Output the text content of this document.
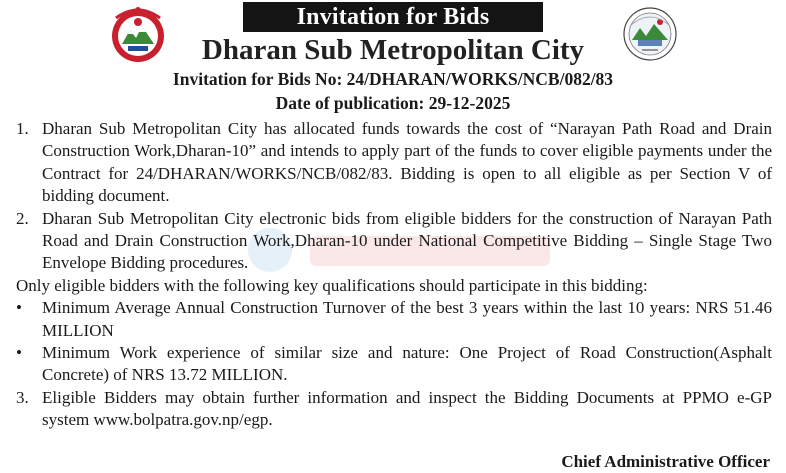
Invitation for Bids
Dharan Sub Metropolitan City
Invitation for Bids No: 24/DHARAN/WORKS/NCB/082/83
Date of publication: 29-12-2025
1. Dharan Sub Metropolitan City has allocated funds towards the cost of “Narayan Path Road and Drain Construction Work,Dharan-10” and intends to apply part of the funds to cover eligible payments under the Contract for 24/DHARAN/WORKS/NCB/082/83. Bidding is open to all eligible as per Section V of bidding document.
2. Dharan Sub Metropolitan City electronic bids from eligible bidders for the construction of Narayan Path Road and Drain Construction Work,Dharan-10 under National Competitive Bidding – Single Stage Two Envelope Bidding procedures.
Only eligible bidders with the following key qualifications should participate in this bidding:
•	Minimum Average Annual Construction Turnover of the best 3 years within the last 10 years: NRS 51.46 MILLION
•	Minimum Work experience of similar size and nature: One Project of Road Construction(Asphalt Concrete) of NRS 13.72 MILLION.
3. Eligible Bidders may obtain further information and inspect the Bidding Documents at PPMO e-GP system www.bolpatra.gov.np/egp.
Chief Administrative Officer
